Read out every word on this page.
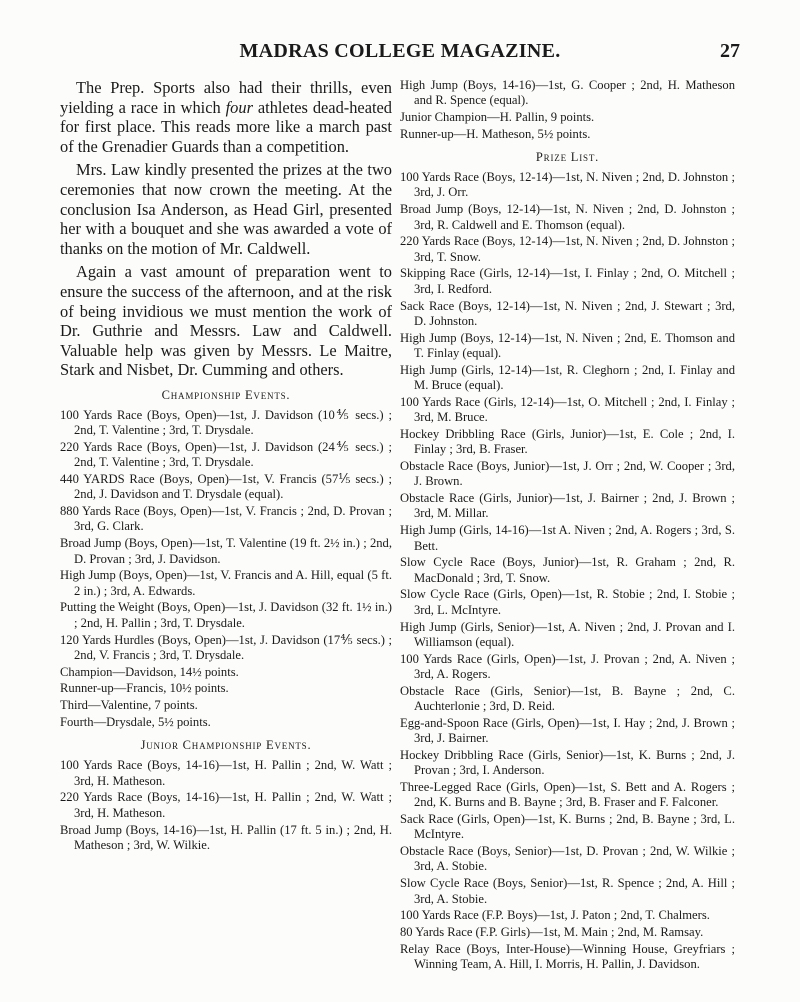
MADRAS COLLEGE MAGAZINE.	27

The Prep. Sports also had their thrills, even yielding a race in which four athletes dead-heated for first place. This reads more like a march past of the Grenadier Guards than a competition.

Mrs. Law kindly presented the prizes at the two ceremonies that now crown the meeting. At the conclusion Isa Anderson, as Head Girl, presented her with a bouquet and she was awarded a vote of thanks on the motion of Mr. Caldwell.

Again a vast amount of preparation went to ensure the success of the afternoon, and at the risk of being invidious we must mention the work of Dr. Guthrie and Messrs. Law and Caldwell. Valuable help was given by Messrs. Le Maitre, Stark and Nisbet, Dr. Cumming and others.

Championship Events.
100 Yards Race (Boys, Open)—1st, J. Davidson (10⅘ secs.) ; 2nd, T. Valentine ; 3rd, T. Drysdale.
220 Yards Race (Boys, Open)—1st, J. Davidson (24⅘ secs.) ; 2nd, T. Valentine ; 3rd, T. Drysdale.
440 YARDS Race (Boys, Open)—1st, V. Francis (57⅕ secs.) ; 2nd, J. Davidson and T. Drysdale (equal).
880 Yards Race (Boys, Open)—1st, V. Francis ; 2nd, D. Provan ; 3rd, G. Clark.
Broad Jump (Boys, Open)—1st, T. Valentine (19 ft. 2½ in.) ; 2nd, D. Provan ; 3rd, J. Davidson.
High Jump (Boys, Open)—1st, V. Francis and A. Hill, equal (5 ft. 2 in.) ; 3rd, A. Edwards.
Putting the Weight (Boys, Open)—1st, J. Davidson (32 ft. 1½ in.) ; 2nd, H. Pallin ; 3rd, T. Drysdale.
120 Yards Hurdles (Boys, Open)—1st, J. Davidson (17⅘ secs.) ; 2nd, V. Francis ; 3rd, T. Drysdale.
Champion—Davidson, 14½ points.
Runner-up—Francis, 10½ points.
Third—Valentine, 7 points.
Fourth—Drysdale, 5½ points.
Junior Championship Events.
100 Yards Race (Boys, 14-16)—1st, H. Pallin ; 2nd, W. Watt ; 3rd, H. Matheson.
220 Yards Race (Boys, 14-16)—1st, H. Pallin ; 2nd, W. Watt ; 3rd, H. Matheson.
Broad Jump (Boys, 14-16)—1st, H. Pallin (17 ft. 5 in.) ; 2nd, H. Matheson ; 3rd, W. Wilkie.
High Jump (Boys, 14-16)—1st, G. Cooper ; 2nd, H. Matheson and R. Spence (equal).
Junior Champion—H. Pallin, 9 points.
Runner-up—H. Matheson, 5½ points.
Prize List.
100 Yards Race (Boys, 12-14)—1st, N. Niven ; 2nd, D. Johnston ; 3rd, J. Orr.
Broad Jump (Boys, 12-14)—1st, N. Niven ; 2nd, D. Johnston ; 3rd, R. Caldwell and E. Thomson (equal).
220 Yards Race (Boys, 12-14)—1st, N. Niven ; 2nd, D. Johnston ; 3rd, T. Snow.
Skipping Race (Girls, 12-14)—1st, I. Finlay ; 2nd, O. Mitchell ; 3rd, I. Redford.
Sack Race (Boys, 12-14)—1st, N. Niven ; 2nd, J. Stewart ; 3rd, D. Johnston.
High Jump (Boys, 12-14)—1st, N. Niven ; 2nd, E. Thomson and T. Finlay (equal).
High Jump (Girls, 12-14)—1st, R. Cleghorn ; 2nd, I. Finlay and M. Bruce (equal).
100 Yards Race (Girls, 12-14)—1st, O. Mitchell ; 2nd, I. Finlay ; 3rd, M. Bruce.
Hockey Dribbling Race (Girls, Junior)—1st, E. Cole ; 2nd, I. Finlay ; 3rd, B. Fraser.
Obstacle Race (Boys, Junior)—1st, J. Orr ; 2nd, W. Cooper ; 3rd, J. Brown.
Obstacle Race (Girls, Junior)—1st, J. Bairner ; 2nd, J. Brown ; 3rd, M. Millar.
High Jump (Girls, 14-16)—1st A. Niven ; 2nd, A. Rogers ; 3rd, S. Bett.
Slow Cycle Race (Boys, Junior)—1st, R. Graham ; 2nd, R. MacDonald ; 3rd, T. Snow.
Slow Cycle Race (Girls, Open)—1st, R. Stobie ; 2nd, I. Stobie ; 3rd, L. McIntyre.
High Jump (Girls, Senior)—1st, A. Niven ; 2nd, J. Provan and I. Williamson (equal).
100 Yards Race (Girls, Open)—1st, J. Provan ; 2nd, A. Niven ; 3rd, A. Rogers.
Obstacle Race (Girls, Senior)—1st, B. Bayne ; 2nd, C. Auchterlonie ; 3rd, D. Reid.
Egg-and-Spoon Race (Girls, Open)—1st, I. Hay ; 2nd, J. Brown ; 3rd, J. Bairner.
Hockey Dribbling Race (Girls, Senior)—1st, K. Burns ; 2nd, J. Provan ; 3rd, I. Anderson.
Three-Legged Race (Girls, Open)—1st, S. Bett and A. Rogers ; 2nd, K. Burns and B. Bayne ; 3rd, B. Fraser and F. Falconer.
Sack Race (Girls, Open)—1st, K. Burns ; 2nd, B. Bayne ; 3rd, L. McIntyre.
Obstacle Race (Boys, Senior)—1st, D. Provan ; 2nd, W. Wilkie ; 3rd, A. Stobie.
Slow Cycle Race (Boys, Senior)—1st, R. Spence ; 2nd, A. Hill ; 3rd, A. Stobie.
100 Yards Race (F.P. Boys)—1st, J. Paton ; 2nd, T. Chalmers.
80 Yards Race (F.P. Girls)—1st, M. Main ; 2nd, M. Ramsay.
Relay Race (Boys, Inter-House)—Winning House, Greyfriars ; Winning Team, A. Hill, I. Morris, H. Pallin, J. Davidson.
